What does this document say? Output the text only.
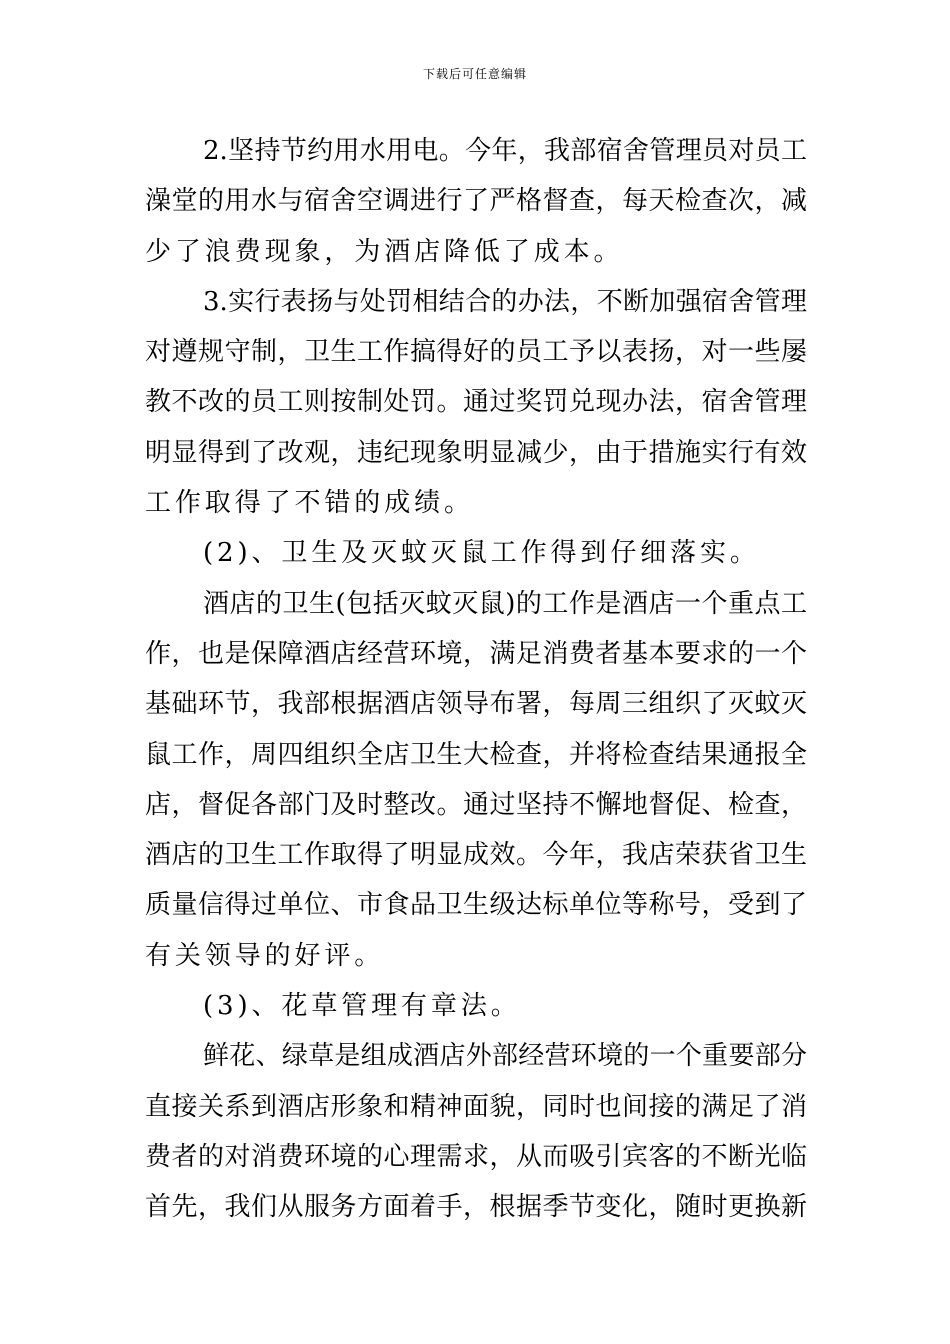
下载后可任意编辑
2.坚持节约用水用电。今年，我部宿舍管理员对员工
澡堂的用水与宿舍空调进行了严格督查，每天检查次，减
少了浪费现象，为酒店降低了成本。
3.实行表扬与处罚相结合的办法，不断加强宿舍管理
对遵规守制，卫生工作搞得好的员工予以表扬，对一些屡
教不改的员工则按制处罚。通过奖罚兑现办法，宿舍管理
明显得到了改观，违纪现象明显减少，由于措施实行有效
工作取得了不错的成绩。
(2)、卫生及灭蚊灭鼠工作得到仔细落实。
酒店的卫生(包括灭蚊灭鼠)的工作是酒店一个重点工
作，也是保障酒店经营环境，满足消费者基本要求的一个
基础环节，我部根据酒店领导布署，每周三组织了灭蚊灭
鼠工作，周四组织全店卫生大检查，并将检查结果通报全
店，督促各部门及时整改。通过坚持不懈地督促、检查，
酒店的卫生工作取得了明显成效。今年，我店荣获省卫生
质量信得过单位、市食品卫生级达标单位等称号，受到了
有关领导的好评。
(3)、花草管理有章法。
鲜花、绿草是组成酒店外部经营环境的一个重要部分
直接关系到酒店形象和精神面貌，同时也间接的满足了消
费者的对消费环境的心理需求，从而吸引宾客的不断光临
首先，我们从服务方面着手，根据季节变化，随时更换新
